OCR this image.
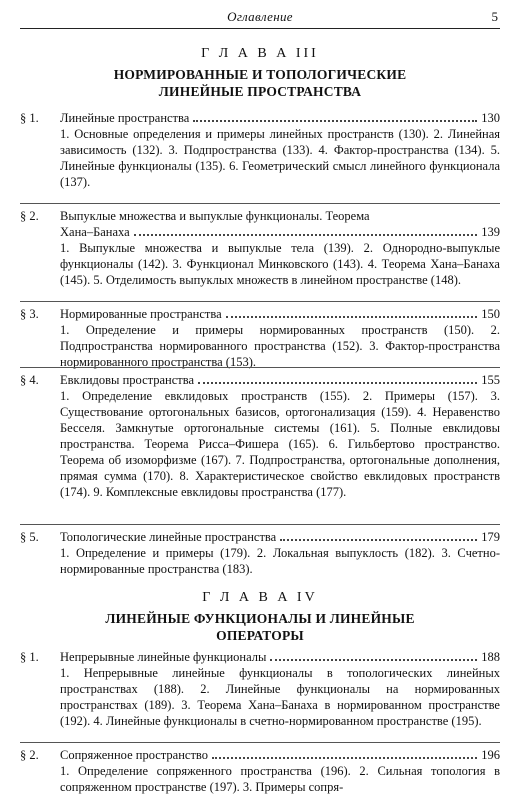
Оглавление	5
Г Л А В А III
НОРМИРОВАННЫЕ И ТОПОЛОГИЧЕСКИЕ
ЛИНЕЙНЫЕ ПРОСТРАНСТВА
§ 1.	Линейные пространства	130
1. Основные определения и примеры линейных пространств (130). 2. Линейная зависимость (132). 3. Подпространства (133). 4. Фактор-пространства (134). 5. Линейные функционалы (135). 6. Геометрический смысл линейного функционала (137).
§ 2.	Выпуклые множества и выпуклые функционалы. Теорема
Хана–Банаха	139
1. Выпуклые множества и выпуклые тела (139). 2. Однородно-выпуклые функционалы (142). 3. Функционал Минковского (143). 4. Теорема Хана–Банаха (145). 5. Отделимость выпуклых множеств в линейном пространстве (148).
§ 3.	Нормированные пространства	150
1. Определение и примеры нормированных пространств (150). 2. Подпространства нормированного пространства (152). 3. Фактор-пространства нормированного пространства (153).
§ 4.	Евклидовы пространства	155
1. Определение евклидовых пространств (155). 2. Примеры (157). 3. Существование ортогональных базисов, ортогонализация (159). 4. Неравенство Бесселя. Замкнутые ортогональные системы (161). 5. Полные евклидовы пространства. Теорема Рисса–Фишера (165). 6. Гильбертово пространство. Теорема об изоморфизме (167). 7. Подпространства, ортогональные дополнения, прямая сумма (170). 8. Характеристическое свойство евклидовых пространств (174). 9. Комплексные евклидовы пространства (177).
§ 5.	Топологические линейные пространства	179
1. Определение и примеры (179). 2. Локальная выпуклость (182). 3. Счетно-нормированные пространства (183).
Г Л А В А IV
ЛИНЕЙНЫЕ ФУНКЦИОНАЛЫ И ЛИНЕЙНЫЕ
ОПЕРАТОРЫ
§ 1.	Непрерывные линейные функционалы	188
1. Непрерывные линейные функционалы в топологических линейных пространствах (188). 2. Линейные функционалы на нормированных пространствах (189). 3. Теорема Хана–Банаха в нормированном пространстве (192). 4. Линейные функционалы в счетно-нормированном пространстве (195).
§ 2.	Сопряженное пространство	196
1. Определение сопряженного пространства (196). 2. Сильная топология в сопряженном пространстве (197). 3. Примеры сопря-
